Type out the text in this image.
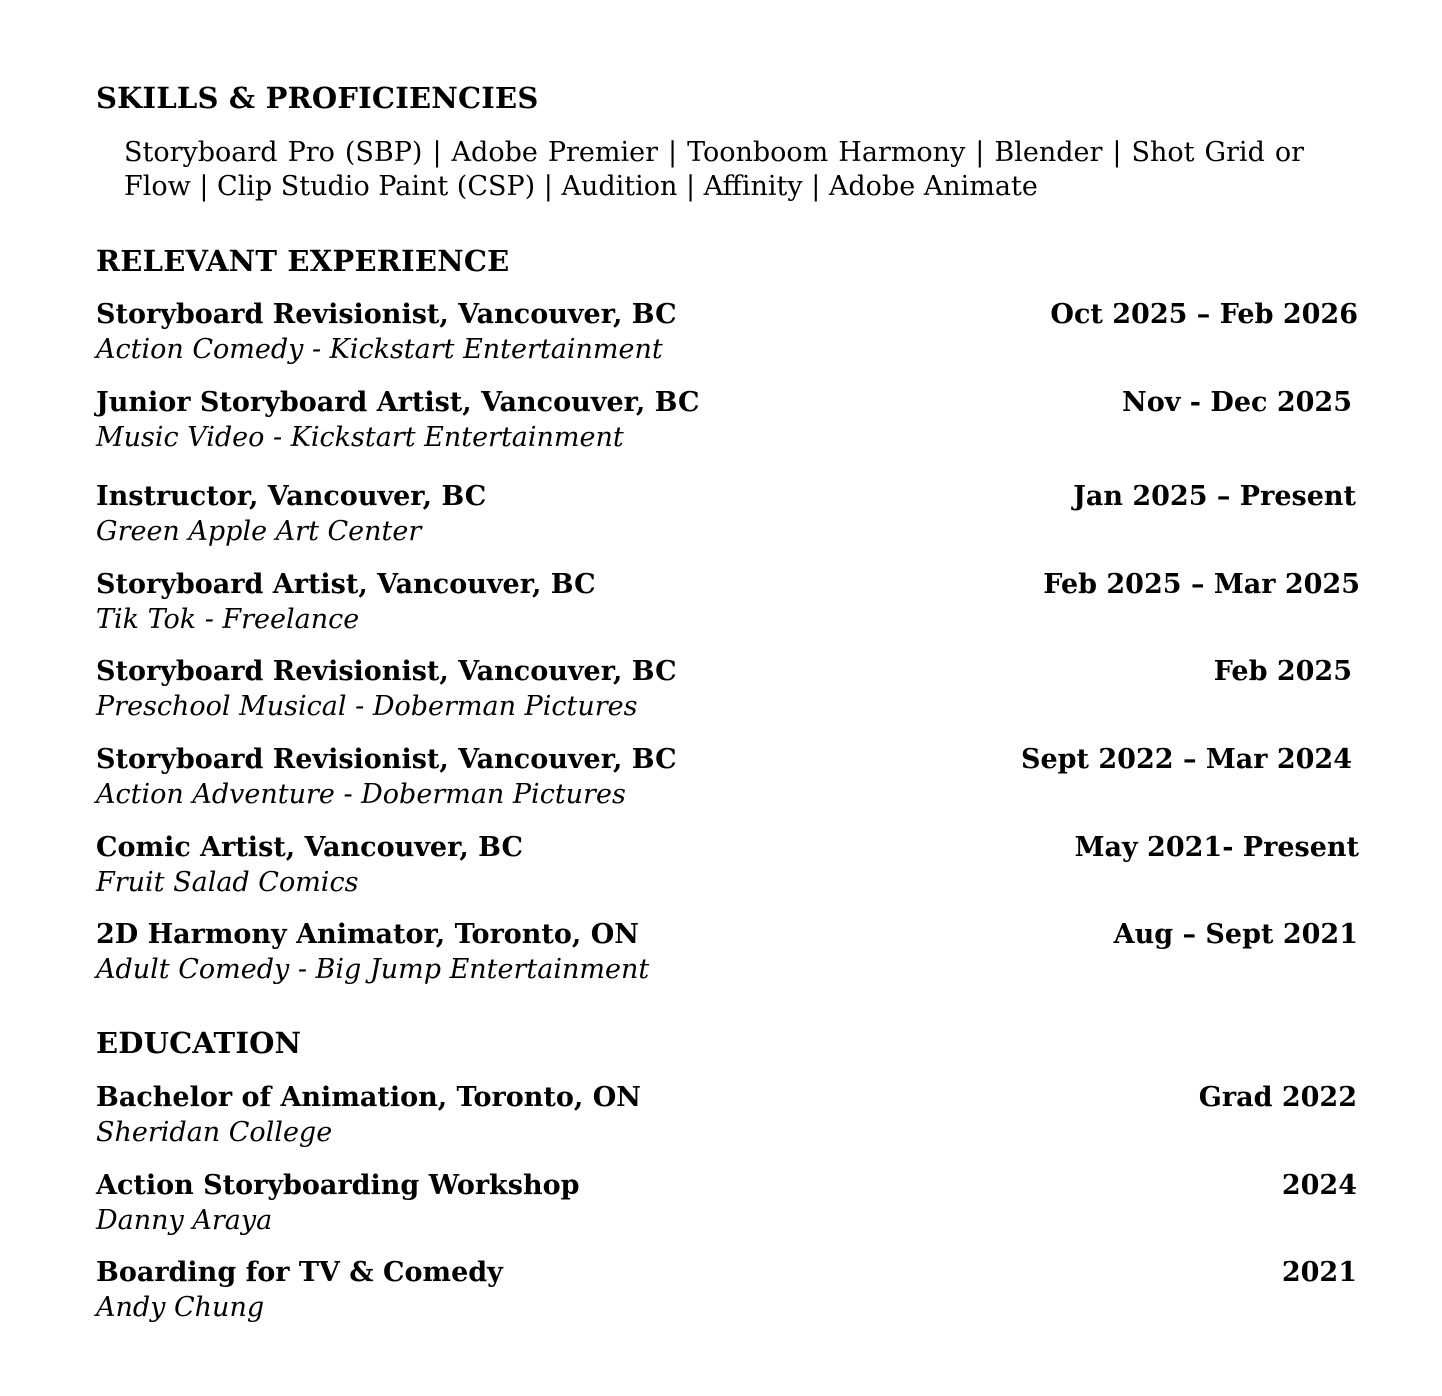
SKILLS & PROFICIENCIES
Storyboard Pro (SBP) | Adobe Premier | Toonboom Harmony | Blender | Shot Grid or Flow | Clip Studio Paint (CSP) | Audition | Affinity | Adobe Animate
RELEVANT EXPERIENCE
Storyboard Revisionist, Vancouver, BC	Oct 2025 – Feb 2026
Action Comedy - Kickstart Entertainment
Junior Storyboard Artist, Vancouver, BC	Nov - Dec 2025
Music Video - Kickstart Entertainment
Instructor, Vancouver, BC	Jan 2025 – Present
Green Apple Art Center
Storyboard Artist, Vancouver, BC	Feb 2025 – Mar 2025
Tik Tok - Freelance
Storyboard Revisionist, Vancouver, BC	Feb 2025
Preschool Musical - Doberman Pictures
Storyboard Revisionist, Vancouver, BC	Sept 2022 – Mar 2024
Action Adventure - Doberman Pictures
Comic Artist, Vancouver, BC	May 2021- Present
Fruit Salad Comics
2D Harmony Animator, Toronto, ON	Aug – Sept 2021
Adult Comedy - Big Jump Entertainment
EDUCATION
Bachelor of Animation, Toronto, ON	Grad 2022
Sheridan College
Action Storyboarding Workshop	2024
Danny Araya
Boarding for TV & Comedy	2021
Andy Chung
